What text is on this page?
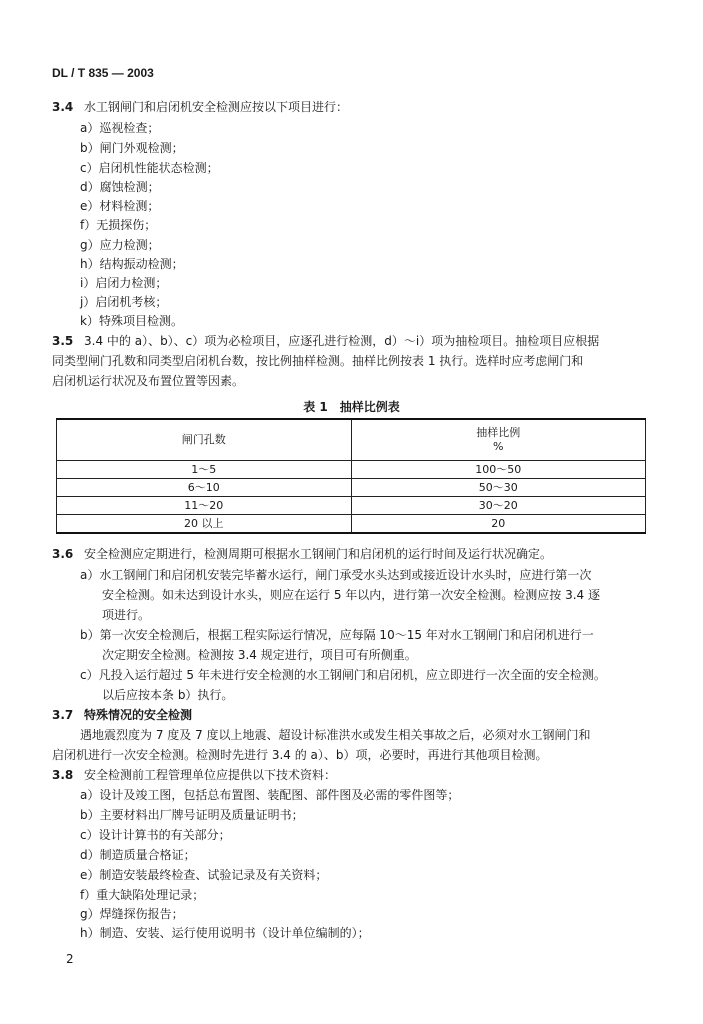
DL / T 835 — 2003
3.4 水工钢闸门和启闭机安全检测应按以下项目进行：
a）巡视检查；
b）闸门外观检测；
c）启闭机性能状态检测；
d）腐蚀检测；
e）材料检测；
f）无损探伤；
g）应力检测；
h）结构振动检测；
i）启闭力检测；
j）启闭机考核；
k）特殊项目检测。
3.5 3.4 中的 a）、b）、c）项为必检项目，应逐孔进行检测，d）～i）项为抽检项目。抽检项目应根据
同类型闸门孔数和同类型启闭机台数，按比例抽样检测。抽样比例按表 1 执行。选样时应考虑闸门和
启闭机运行状况及布置位置等因素。
表 1　抽样比例表
闸门孔数	抽样比例
%

1～5	100～50
6～10	50～30
11～20	30～20
20 以上	20
3.6 安全检测应定期进行，检测周期可根据水工钢闸门和启闭机的运行时间及运行状况确定。
a）水工钢闸门和启闭机安装完毕蓄水运行，闸门承受水头达到或接近设计水头时，应进行第一次
安全检测。如未达到设计水头，则应在运行 5 年以内，进行第一次安全检测。检测应按 3.4 逐
项进行。
b）第一次安全检测后，根据工程实际运行情况，应每隔 10～15 年对水工钢闸门和启闭机进行一
次定期安全检测。检测按 3.4 规定进行，项目可有所侧重。
c）凡投入运行超过 5 年未进行安全检测的水工钢闸门和启闭机，应立即进行一次全面的安全检测。
以后应按本条 b）执行。
3.7 特殊情况的安全检测
遇地震烈度为 7 度及 7 度以上地震、超设计标准洪水或发生相关事故之后，必须对水工钢闸门和
启闭机进行一次安全检测。检测时先进行 3.4 的 a）、b）项，必要时，再进行其他项目检测。
3.8 安全检测前工程管理单位应提供以下技术资料：
a）设计及竣工图，包括总布置图、装配图、部件图及必需的零件图等；
b）主要材料出厂牌号证明及质量证明书；
c）设计计算书的有关部分；
d）制造质量合格证；
e）制造安装最终检查、试验记录及有关资料；
f）重大缺陷处理记录；
g）焊缝探伤报告；
h）制造、安装、运行使用说明书（设计单位编制的）；
2
